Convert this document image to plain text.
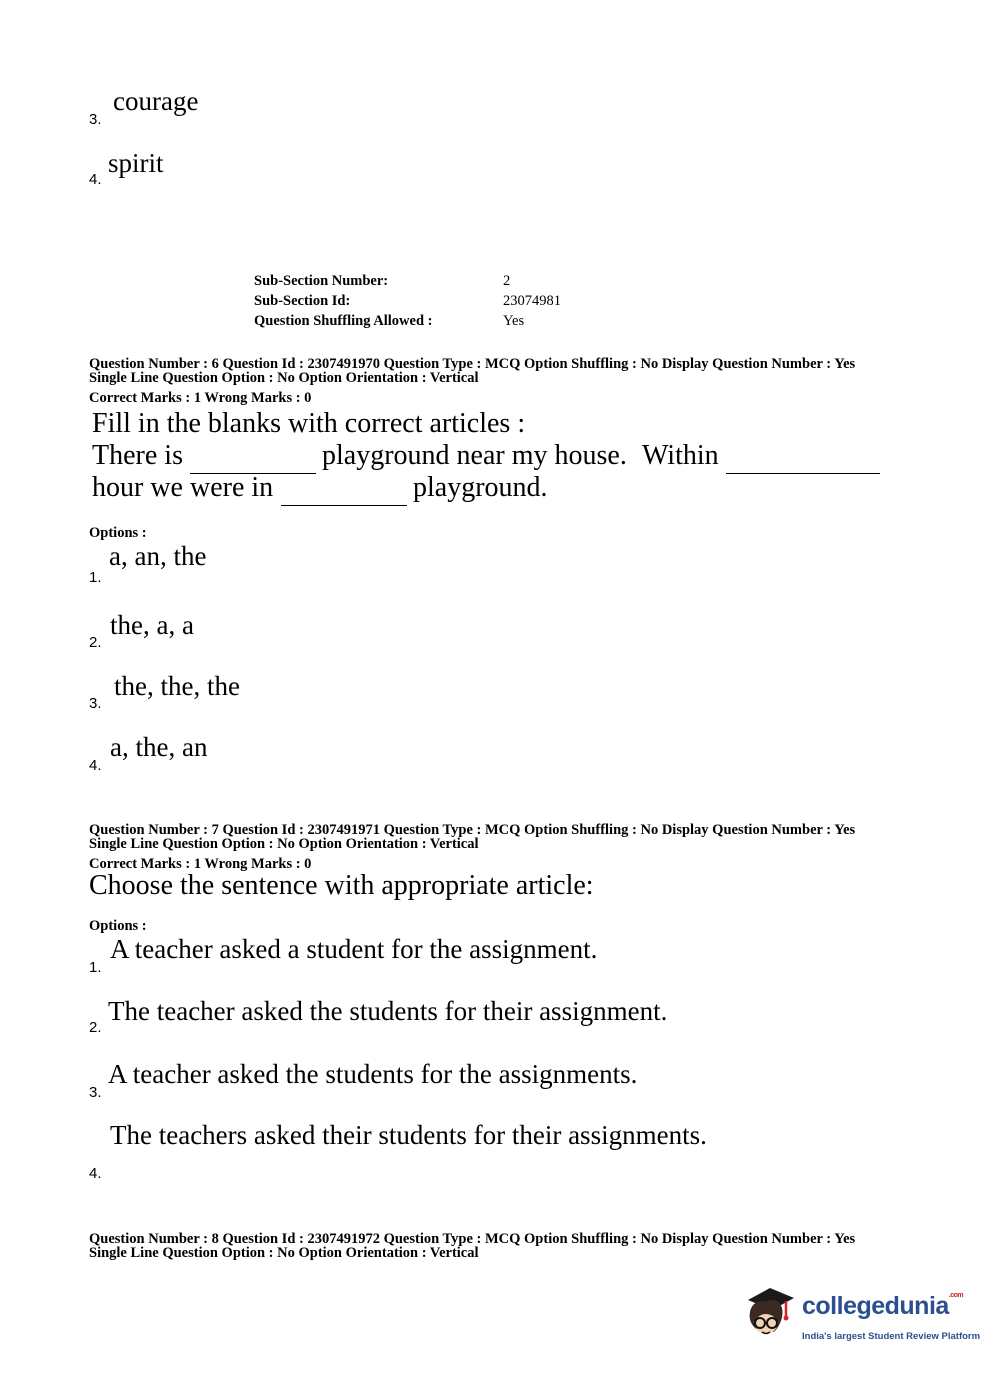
3.
courage
4.
spirit
Sub-Section Number:	2
Sub-Section Id:	23074981
Question Shuffling Allowed :	Yes
Question Number : 6 Question Id : 2307491970 Question Type : MCQ Option Shuffling : No Display Question Number : Yes
Single Line Question Option : No Option Orientation : Vertical
Correct Marks : 1 Wrong Marks : 0
Fill in the blanks with correct articles :
There is	playground near my house. Within
hour we were in	playground.
Options :
1.
a, an, the
2.
the, a, a
3.
the, the, the
4.
a, the, an
Question Number : 7 Question Id : 2307491971 Question Type : MCQ Option Shuffling : No Display Question Number : Yes
Single Line Question Option : No Option Orientation : Vertical
Correct Marks : 1 Wrong Marks : 0
Choose the sentence with appropriate article:
Options :
1.
A teacher asked a student for the assignment.
2.
The teacher asked the students for their assignment.
3.
A teacher asked the students for the assignments.
4.
The teachers asked their students for their assignments.
Question Number : 8 Question Id : 2307491972 Question Type : MCQ Option Shuffling : No Display Question Number : Yes
Single Line Question Option : No Option Orientation : Vertical
collegedunia$^{.com}$
India's largest Student Review Platform
